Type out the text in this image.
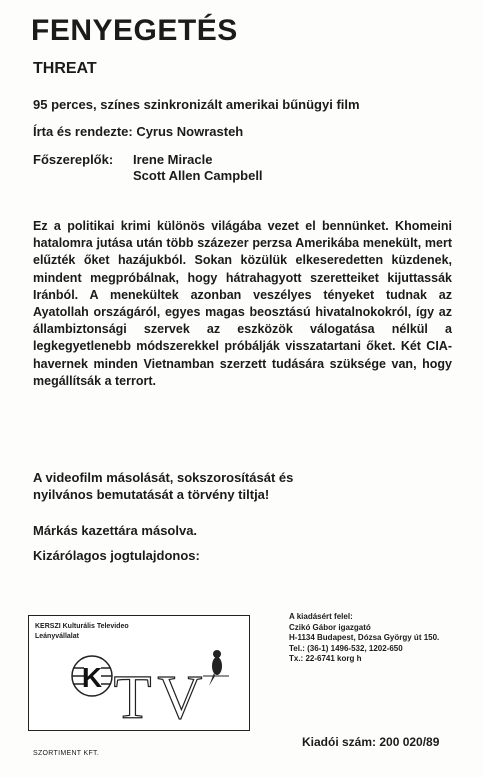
FENYEGETÉS
THREAT
95 perces, színes szinkronizált amerikai bűnügyi film
Írta és rendezte: Cyrus Nowrasteh
Főszereplők: Irene Miracle
Scott Allen Campbell

Ez a politikai krimi különös világába vezet el bennünket. Khomeini hatalomra jutása után több százezer perzsa Amerikába menekült, mert elűzték őket hazájukból. Sokan közülük elkeseredetten küzdenek, mindent megpróbálnak, hogy hátrahagyott szeretteiket kijuttassák Iránból. A menekültek azonban veszélyes tényeket tudnak az Ayatollah országáról, egyes magas beosztású hivatalnokokról, így az állambiztonsági szervek az eszközök válogatása nélkül a legkegyetlenebb módszerekkel próbálják visszatartani őket. Két CIA-havernek minden Vietnamban szerzett tudására szüksége van, hogy megállítsák a terrort.

A videofilm másolását, sokszorosítását és nyilvános bemutatását a törvény tiltja!
Márkás kazettára másolva.
Kizárólagos jogtulajdonos:
KERSZI Kulturális Televideo
Leányvállalat
K TV
SZORTIMENT KFT.
A kiadásért felel:
Czikó Gábor igazgató
H-1134 Budapest, Dózsa György út 150.
Tel.: (36-1) 1496-532, 1202-650
Tx.: 22-6741 korg h
Kiadói szám: 200 020/89
